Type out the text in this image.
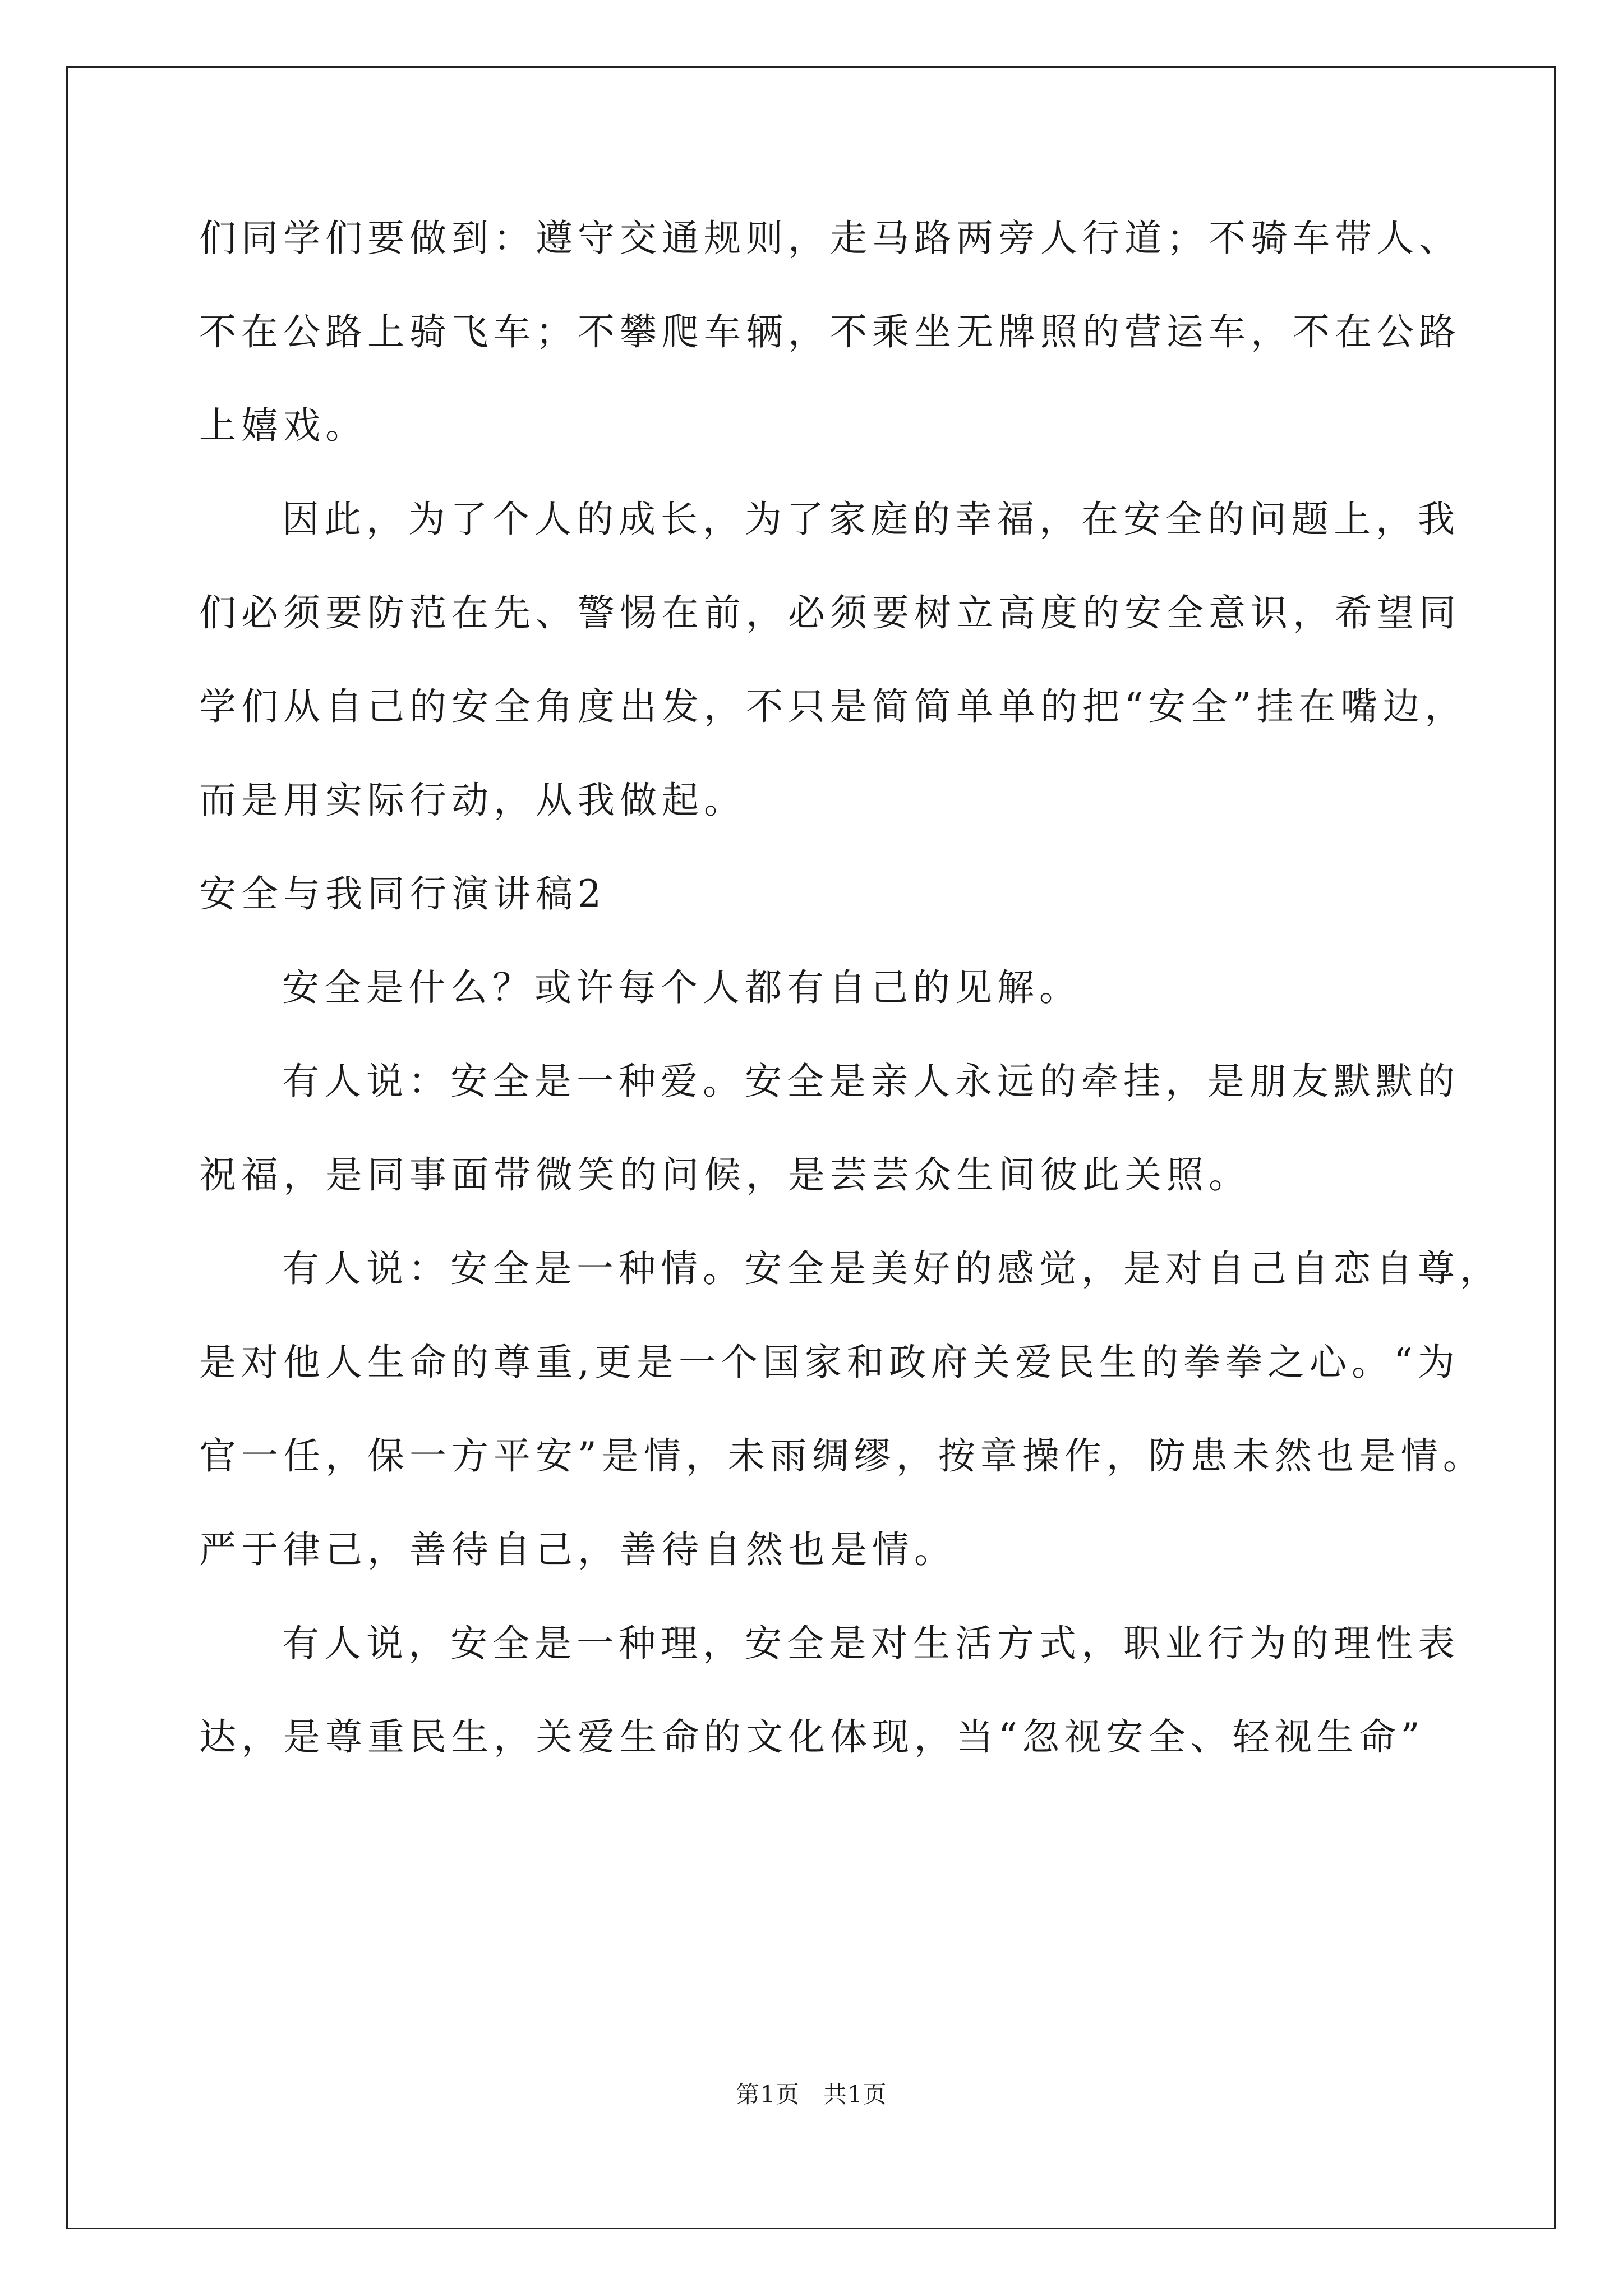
们同学们要做到：遵守交通规则，走马路两旁人行道；不骑车带人、
不在公路上骑飞车；不攀爬车辆，不乘坐无牌照的营运车，不在公路
上嬉戏。
因此，为了个人的成长，为了家庭的幸福，在安全的问题上，我
们必须要防范在先、警惕在前，必须要树立高度的安全意识，希望同
学们从自己的安全角度出发，不只是简简单单的把“安全”挂在嘴边，
而是用实际行动，从我做起。
安全与我同行演讲稿2
安全是什么？或许每个人都有自己的见解。
有人说：安全是一种爱。安全是亲人永远的牵挂，是朋友默默的
祝福，是同事面带微笑的问候，是芸芸众生间彼此关照。
有人说：安全是一种情。安全是美好的感觉，是对自己自恋自尊，
是对他人生命的尊重,更是一个国家和政府关爱民生的拳拳之心。“为
官一任，保一方平安”是情，未雨绸缪，按章操作，防患未然也是情。
严于律己，善待自己，善待自然也是情。
有人说，安全是一种理，安全是对生活方式，职业行为的理性表
达，是尊重民生，关爱生命的文化体现，当“忽视安全、轻视生命”
第1页 共1页
